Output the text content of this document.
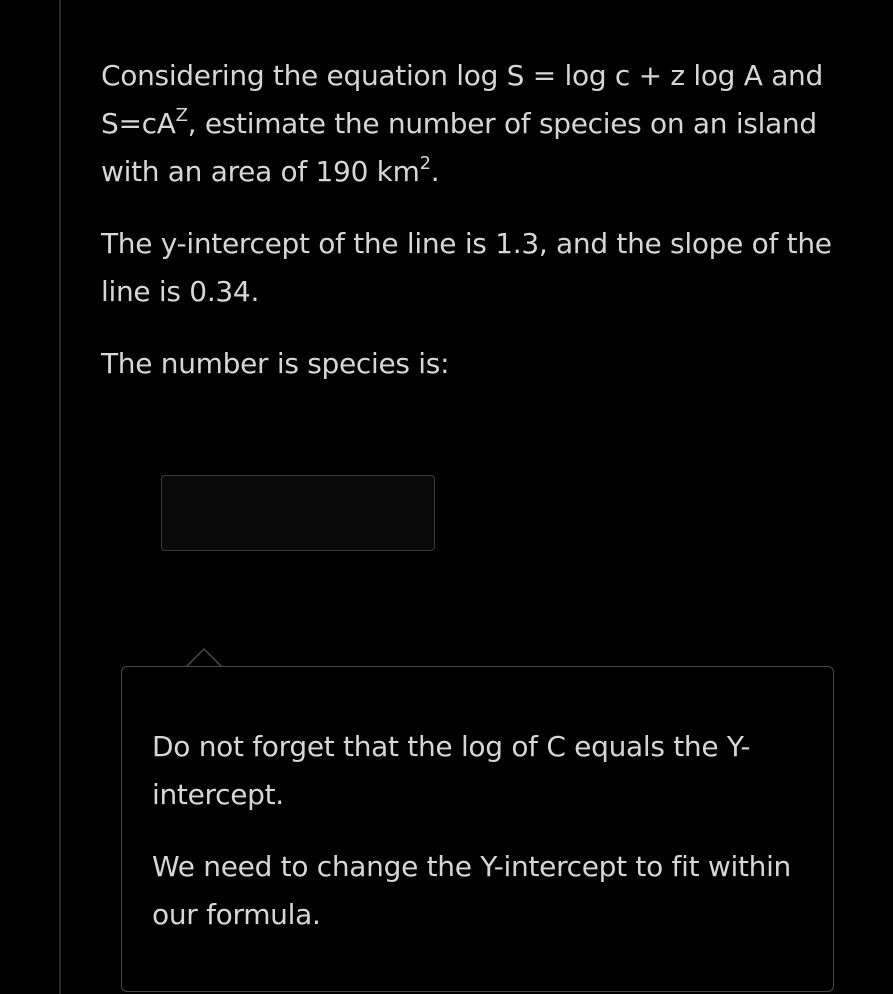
Considering the equation log S = log c + z log A and $S=cA^Z$, estimate the number of species on an island with an area of 190 $km^2$.

The y-intercept of the line is 1.3, and the slope of the line is 0.34.

The number is species is:

Do not forget that the log of C equals the Y-intercept.

We need to change the Y-intercept to fit within our formula.
